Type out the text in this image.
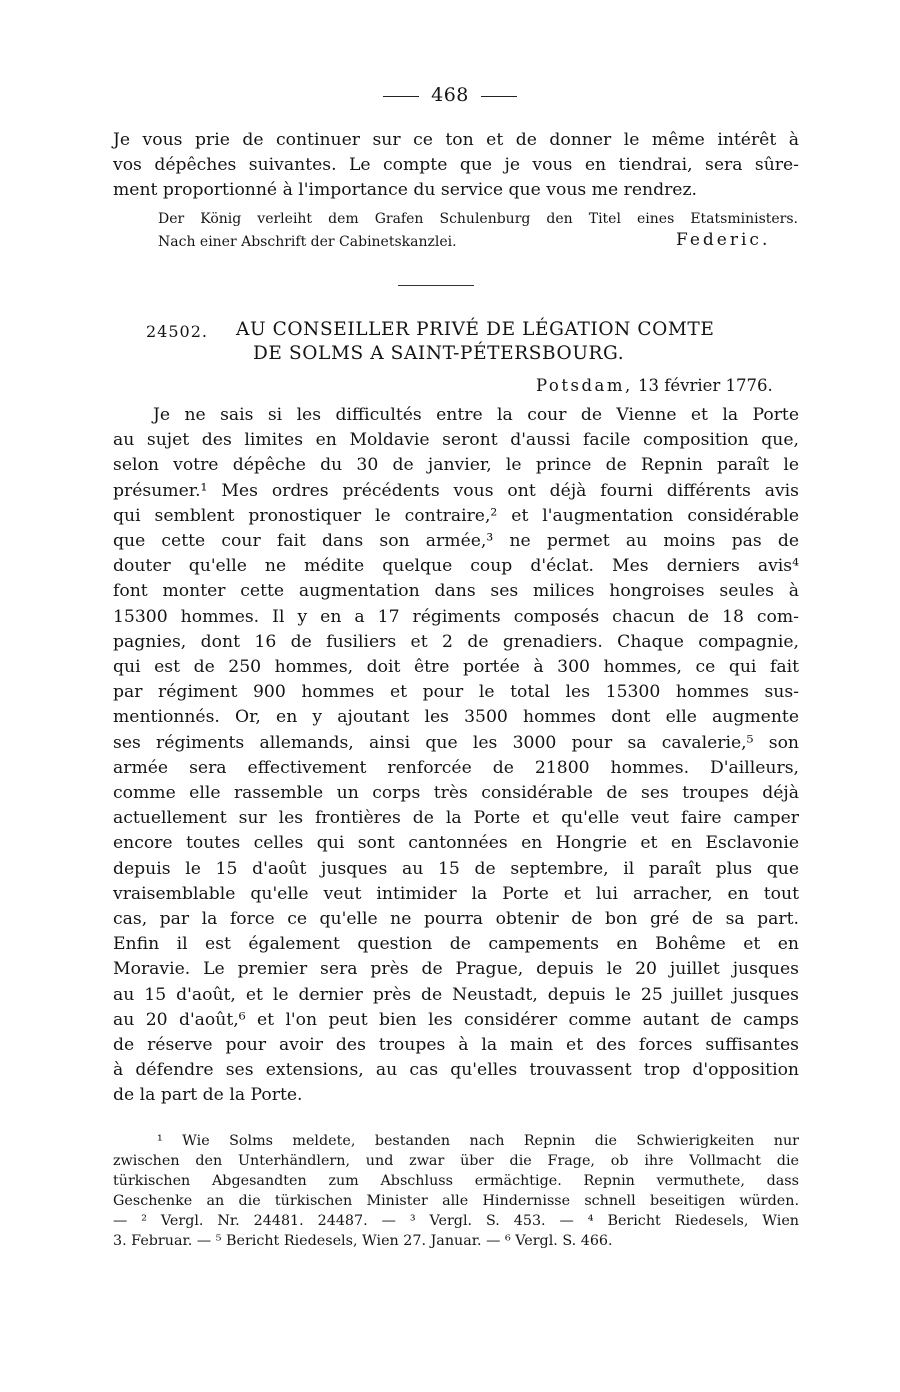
468
Je vous prie de continuer sur ce ton et de donner le même intérêt à
vos dépêches suivantes. Le compte que je vous en tiendrai, sera sûre-
ment proportionné à l'importance du service que vous me rendrez.
Der König verleiht dem Grafen Schulenburg den Titel eines Etatsministers.
Nach einer Abschrift der Cabinetskanzlei.	Federic.
24502. AU CONSEILLER PRIVÉ DE LÉGATION COMTE
DE SOLMS A SAINT-PÉTERSBOURG.
Potsdam, 13 février 1776.
Je ne sais si les difficultés entre la cour de Vienne et la Porte
au sujet des limites en Moldavie seront d'aussi facile composition que,
selon votre dépêche du 30 de janvier, le prince de Repnin paraît le
présumer.¹ Mes ordres précédents vous ont déjà fourni différents avis
qui semblent pronostiquer le contraire,² et l'augmentation considérable
que cette cour fait dans son armée,³ ne permet au moins pas de
douter qu'elle ne médite quelque coup d'éclat. Mes derniers avis⁴
font monter cette augmentation dans ses milices hongroises seules à
15300 hommes. Il y en a 17 régiments composés chacun de 18 com-
pagnies, dont 16 de fusiliers et 2 de grenadiers. Chaque compagnie,
qui est de 250 hommes, doit être portée à 300 hommes, ce qui fait
par régiment 900 hommes et pour le total les 15300 hommes sus-
mentionnés. Or, en y ajoutant les 3500 hommes dont elle augmente
ses régiments allemands, ainsi que les 3000 pour sa cavalerie,⁵ son
armée sera effectivement renforcée de 21800 hommes. D'ailleurs,
comme elle rassemble un corps très considérable de ses troupes déjà
actuellement sur les frontières de la Porte et qu'elle veut faire camper
encore toutes celles qui sont cantonnées en Hongrie et en Esclavonie
depuis le 15 d'août jusques au 15 de septembre, il paraît plus que
vraisemblable qu'elle veut intimider la Porte et lui arracher, en tout
cas, par la force ce qu'elle ne pourra obtenir de bon gré de sa part.
Enfin il est également question de campements en Bohême et en
Moravie. Le premier sera près de Prague, depuis le 20 juillet jusques
au 15 d'août, et le dernier près de Neustadt, depuis le 25 juillet jusques
au 20 d'août,⁶ et l'on peut bien les considérer comme autant de camps
de réserve pour avoir des troupes à la main et des forces suffisantes
à défendre ses extensions, au cas qu'elles trouvassent trop d'opposition
de la part de la Porte.
¹ Wie Solms meldete, bestanden nach Repnin die Schwierigkeiten nur
zwischen den Unterhändlern, und zwar über die Frage, ob ihre Vollmacht die
türkischen Abgesandten zum Abschluss ermächtige. Repnin vermuthete, dass
Geschenke an die türkischen Minister alle Hindernisse schnell beseitigen würden.
— ² Vergl. Nr. 24481. 24487. — ³ Vergl. S. 453. — ⁴ Bericht Riedesels, Wien
3. Februar. — ⁵ Bericht Riedesels, Wien 27. Januar. — ⁶ Vergl. S. 466.
